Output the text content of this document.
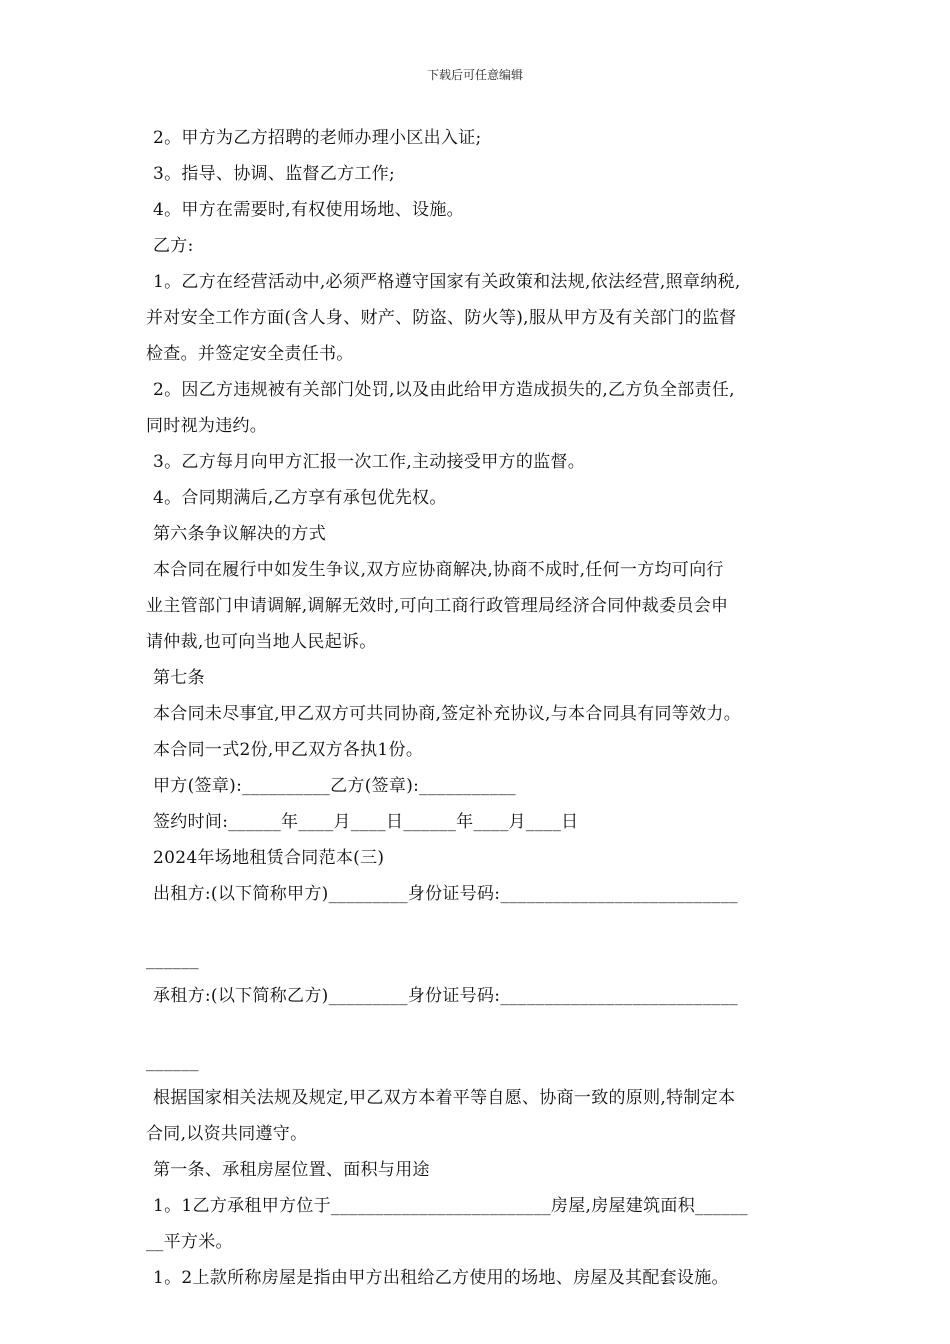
下载后可任意编辑
2。甲方为乙方招聘的老师办理小区出入证;
3。指导、协调、监督乙方工作;
4。甲方在需要时,有权使用场地、设施。
乙方:
1。乙方在经营活动中,必须严格遵守国家有关政策和法规,依法经营,照章纳税,
并对安全工作方面(含人身、财产、防盗、防火等),服从甲方及有关部门的监督
检查。并签定安全责任书。
2。因乙方违规被有关部门处罚,以及由此给甲方造成损失的,乙方负全部责任,
同时视为违约。
3。乙方每月向甲方汇报一次工作,主动接受甲方的监督。
4。合同期满后,乙方享有承包优先权。
第六条争议解决的方式
本合同在履行中如发生争议,双方应协商解决,协商不成时,任何一方均可向行
业主管部门申请调解,调解无效时,可向工商行政管理局经济合同仲裁委员会申
请仲裁,也可向当地人民起诉。
第七条
本合同未尽事宜,甲乙双方可共同协商,签定补充协议,与本合同具有同等效力。
本合同一式2份,甲乙双方各执1份。
甲方(签章):__________乙方(签章):___________
签约时间:______年____月____日______年____月____日
2024年场地租赁合同范本(三)
出租方:(以下简称甲方)_________身份证号码:___________________________
______
承租方:(以下简称乙方)_________身份证号码:___________________________
______
根据国家相关法规及规定,甲乙双方本着平等自愿、协商一致的原则,特制定本
合同,以资共同遵守。
第一条、承租房屋位置、面积与用途
1。1乙方承租甲方位于_________________________房屋,房屋建筑面积______
__平方米。
1。2上款所称房屋是指由甲方出租给乙方使用的场地、房屋及其配套设施。
